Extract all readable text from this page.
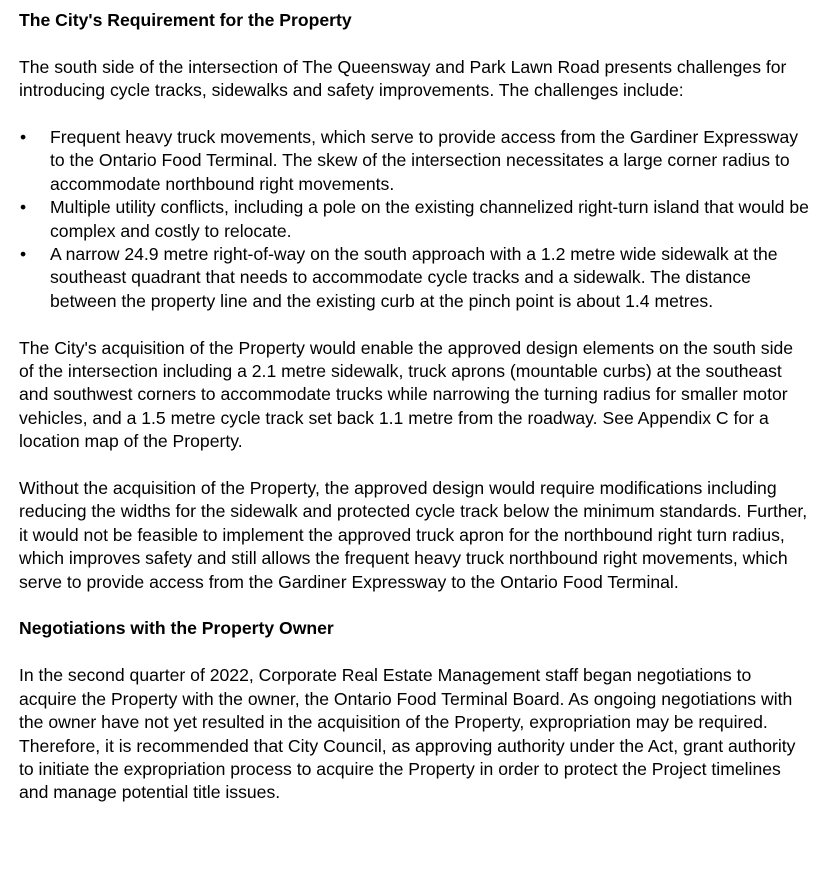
The City's Requirement for the Property

The south side of the intersection of The Queensway and Park Lawn Road presents challenges for introducing cycle tracks, sidewalks and safety improvements. The challenges include:

• Frequent heavy truck movements, which serve to provide access from the Gardiner Expressway to the Ontario Food Terminal. The skew of the intersection necessitates a large corner radius to accommodate northbound right movements.
• Multiple utility conflicts, including a pole on the existing channelized right-turn island that would be complex and costly to relocate.
• A narrow 24.9 metre right-of-way on the south approach with a 1.2 metre wide sidewalk at the southeast quadrant that needs to accommodate cycle tracks and a sidewalk. The distance between the property line and the existing curb at the pinch point is about 1.4 metres.

The City's acquisition of the Property would enable the approved design elements on the south side of the intersection including a 2.1 metre sidewalk, truck aprons (mountable curbs) at the southeast and southwest corners to accommodate trucks while narrowing the turning radius for smaller motor vehicles, and a 1.5 metre cycle track set back 1.1 metre from the roadway. See Appendix C for a location map of the Property.

Without the acquisition of the Property, the approved design would require modifications including reducing the widths for the sidewalk and protected cycle track below the minimum standards. Further, it would not be feasible to implement the approved truck apron for the northbound right turn radius, which improves safety and still allows the frequent heavy truck northbound right movements, which serve to provide access from the Gardiner Expressway to the Ontario Food Terminal.

Negotiations with the Property Owner

In the second quarter of 2022, Corporate Real Estate Management staff began negotiations to acquire the Property with the owner, the Ontario Food Terminal Board. As ongoing negotiations with the owner have not yet resulted in the acquisition of the Property, expropriation may be required. Therefore, it is recommended that City Council, as approving authority under the Act, grant authority to initiate the expropriation process to acquire the Property in order to protect the Project timelines and manage potential title issues.
